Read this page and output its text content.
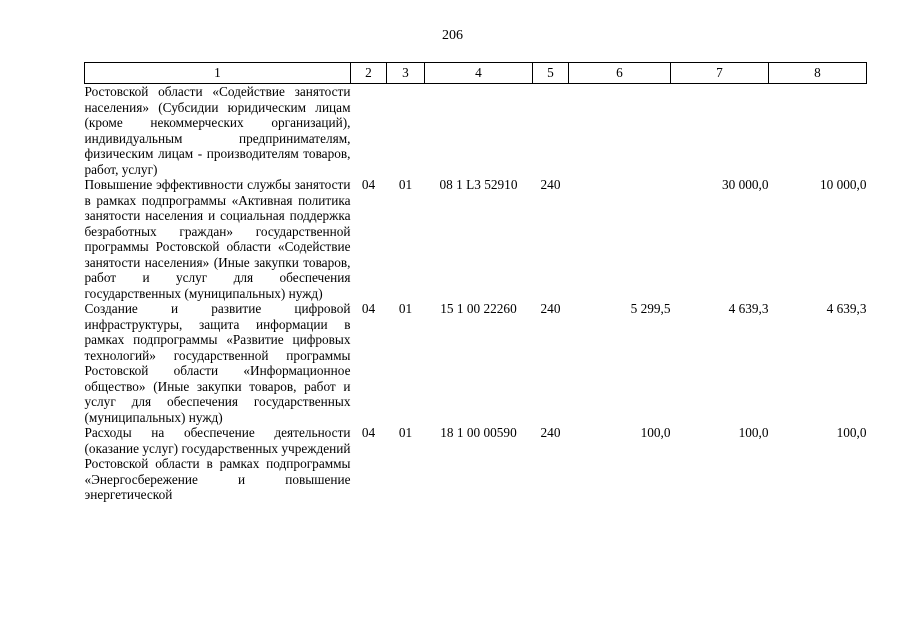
206
1	2	3	4	5	6	7	8
Ростовской области «Содействие занятости населения» (Субсидии юридическим лицам (кроме некоммерческих организаций), индивидуальным предпринимателям, физическим лицам - производителям товаров, работ, услуг)							
Повышение эффективности службы занятости в рамках подпрограммы «Активная политика занятости населения и социальная поддержка безработных граждан» государственной программы Ростовской области «Содействие занятости населения» (Иные закупки товаров, работ и услуг для обеспечения государственных (муниципальных) нужд)	04	01	08 1 L3 52910	240		30 000,0	10 000,0
Создание и развитие цифровой инфраструктуры, защита информации в рамках подпрограммы «Развитие цифровых технологий» государственной программы Ростовской области «Информационное общество» (Иные закупки товаров, работ и услуг для обеспечения государственных (муниципальных) нужд)	04	01	15 1 00 22260	240	5 299,5	4 639,3	4 639,3
Расходы на обеспечение деятельности (оказание услуг) государственных учреждений Ростовской области в рамках подпрограммы «Энергосбережение и повышение энергетической	04	01	18 1 00 00590	240	100,0	100,0	100,0
